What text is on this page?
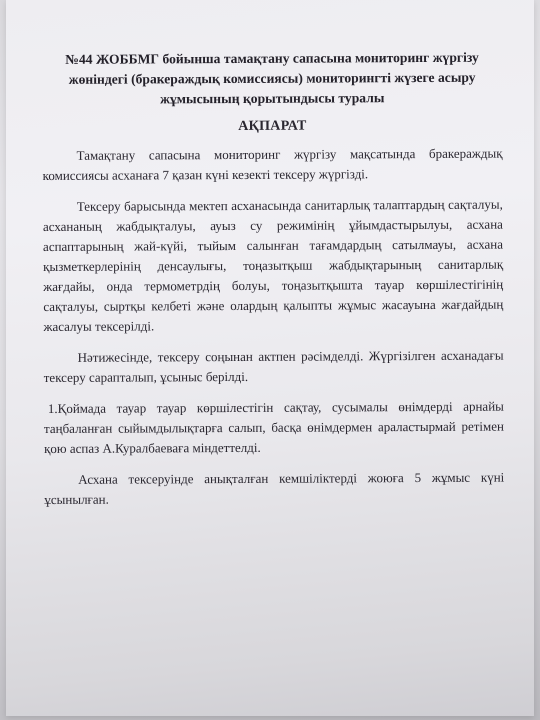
№44 ЖОББМГ бойынша тамақтану сапасына мониторинг жүргізу жөніндегі (бракераждық комиссиясы) мониторингті жүзеге асыру жұмысының қорытындысы туралы

АҚПАРАТ

Тамақтану сапасына мониторинг жүргізу мақсатында бракераждық комиссиясы асханаға 7 қазан күні кезекті тексеру жүргізді.

Тексеру барысында мектеп асханасында санитарлық талаптардың сақталуы, асхананың жабдықталуы, ауыз су режимінің ұйымдастырылуы, асхана аспаптарының жай-күйі, тыйым салынған тағамдардың сатылмауы, асхана қызметкерлерінің денсаулығы, тоңазытқыш жабдықтарының санитарлық жағдайы, онда термометрдің болуы, тоңазытқышта тауар көршілестігінің сақталуы, сыртқы келбеті және олардың қалыпты жұмыс жасауына жағдайдың жасалуы тексерілді.

Нәтижесінде, тексеру соңынан актпен рәсімделді. Жүргізілген асханадағы тексеру сарапталып, ұсыныс берілді.

1.Қоймада тауар тауар көршілестігін сақтау, сусымалы өнімдерді арнайы таңбаланған сыйымдылықтарға салып, басқа өнімдермен араластырмай ретімен қою аспаз А.Куралбаеваға міндеттелді.

Асхана тексеруінде анықталған кемшіліктерді жоюға 5 жұмыс күні ұсынылған.
